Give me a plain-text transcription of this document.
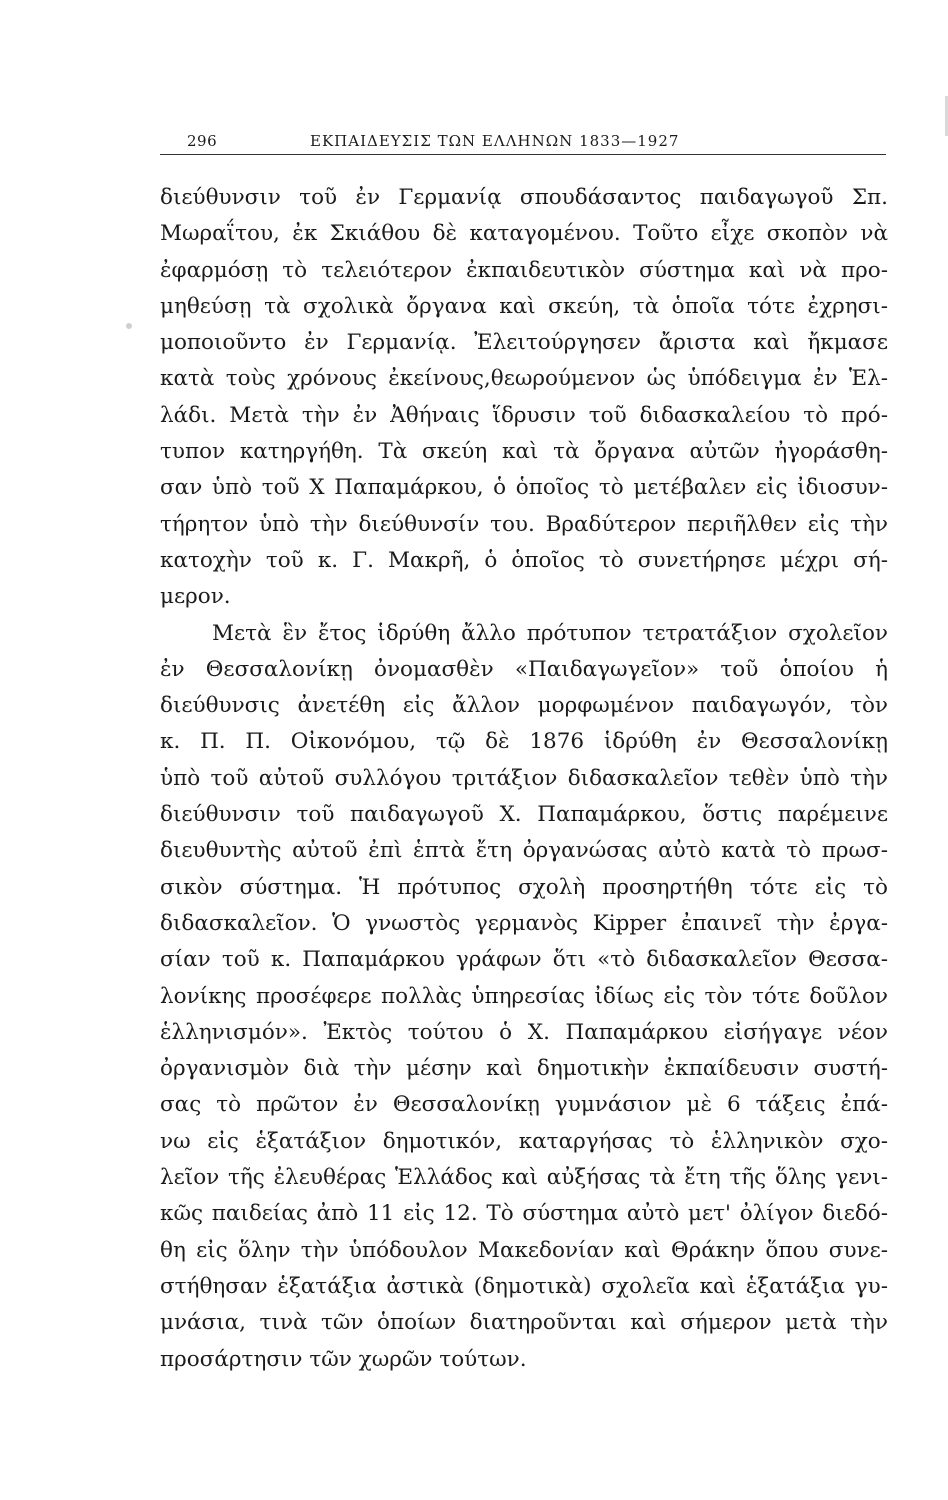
296	ΕΚΠΑΙΔΕΥΣΙΣ ΤΩΝ ΕΛΛΗΝΩΝ 1833—1927
διεύθυνσιν τοῦ ἐν Γερμανίᾳ σπουδάσαντος παιδαγωγοῦ Σπ.
Μωραΐτου, ἐκ Σκιάθου δὲ καταγομένου. Τοῦτο εἶχε σκοπὸν νὰ
ἐφαρμόσῃ τὸ τελειότερον ἐκπαιδευτικὸν σύστημα καὶ νὰ προ-
μηθεύσῃ τὰ σχολικὰ ὄργανα καὶ σκεύη, τὰ ὁποῖα τότε ἐχρησι-
μοποιοῦντο ἐν Γερμανίᾳ. Ἐλειτούργησεν ἄριστα καὶ ἤκμασε
κατὰ τοὺς χρόνους ἐκείνους,θεωρούμενον ὡς ὑπόδειγμα ἐν Ἑλ-
λάδι. Μετὰ τὴν ἐν Ἀθήναις ἵδρυσιν τοῦ διδασκαλείου τὸ πρό-
τυπον κατηργήθη. Τὰ σκεύη καὶ τὰ ὄργανα αὐτῶν ἠγοράσθη-
σαν ὑπὸ τοῦ Χ Παπαμάρκου, ὁ ὁποῖος τὸ μετέβαλεν εἰς ἰδιοσυν-
τήρητον ὑπὸ τὴν διεύθυνσίν του. Βραδύτερον περιῆλθεν εἰς τὴν
κατοχὴν τοῦ κ. Γ. Μακρῆ, ὁ ὁποῖος τὸ συνετήρησε μέχρι σή-
μερον.
Μετὰ ἓν ἔτος ἱδρύθη ἄλλο πρότυπον τετρατάξιον σχολεῖον
ἐν Θεσσαλονίκῃ ὀνομασθὲν «Παιδαγωγεῖον» τοῦ ὁποίου ἡ
διεύθυνσις ἀνετέθη εἰς ἄλλον μορφωμένον παιδαγωγόν, τὸν
κ. Π. Π. Οἰκονόμου, τῷ δὲ 1876 ἱδρύθη ἐν Θεσσαλονίκῃ
ὑπὸ τοῦ αὐτοῦ συλλόγου τριτάξιον διδασκαλεῖον τεθὲν ὑπὸ τὴν
διεύθυνσιν τοῦ παιδαγωγοῦ Χ. Παπαμάρκου, ὅστις παρέμεινε
διευθυντὴς αὐτοῦ ἐπὶ ἑπτὰ ἔτη ὀργανώσας αὐτὸ κατὰ τὸ πρωσ-
σικὸν σύστημα. Ἡ πρότυπος σχολὴ προσηρτήθη τότε εἰς τὸ
διδασκαλεῖον. Ὁ γνωστὸς γερμανὸς Kipper ἐπαινεῖ τὴν ἐργα-
σίαν τοῦ κ. Παπαμάρκου γράφων ὅτι «τὸ διδασκαλεῖον Θεσσα-
λονίκης προσέφερε πολλὰς ὑπηρεσίας ἰδίως εἰς τὸν τότε δοῦλον
ἑλληνισμόν». Ἐκτὸς τούτου ὁ Χ. Παπαμάρκου εἰσήγαγε νέον
ὀργανισμὸν διὰ τὴν μέσην καὶ δημοτικὴν ἐκπαίδευσιν συστή-
σας τὸ πρῶτον ἐν Θεσσαλονίκῃ γυμνάσιον μὲ 6 τάξεις ἐπά-
νω εἰς ἑξατάξιον δημοτικόν, καταργήσας τὸ ἑλληνικὸν σχο-
λεῖον τῆς ἐλευθέρας Ἑλλάδος καὶ αὐξήσας τὰ ἔτη τῆς ὅλης γενι-
κῶς παιδείας ἀπὸ 11 εἰς 12. Τὸ σύστημα αὐτὸ μετ' ὀλίγον διεδό-
θη εἰς ὅλην τὴν ὑπόδουλον Μακεδονίαν καὶ Θράκην ὅπου συνε-
στήθησαν ἑξατάξια ἀστικὰ (δημοτικὰ) σχολεῖα καὶ ἑξατάξια γυ-
μνάσια, τινὰ τῶν ὁποίων διατηροῦνται καὶ σήμερον μετὰ τὴν
προσάρτησιν τῶν χωρῶν τούτων.
